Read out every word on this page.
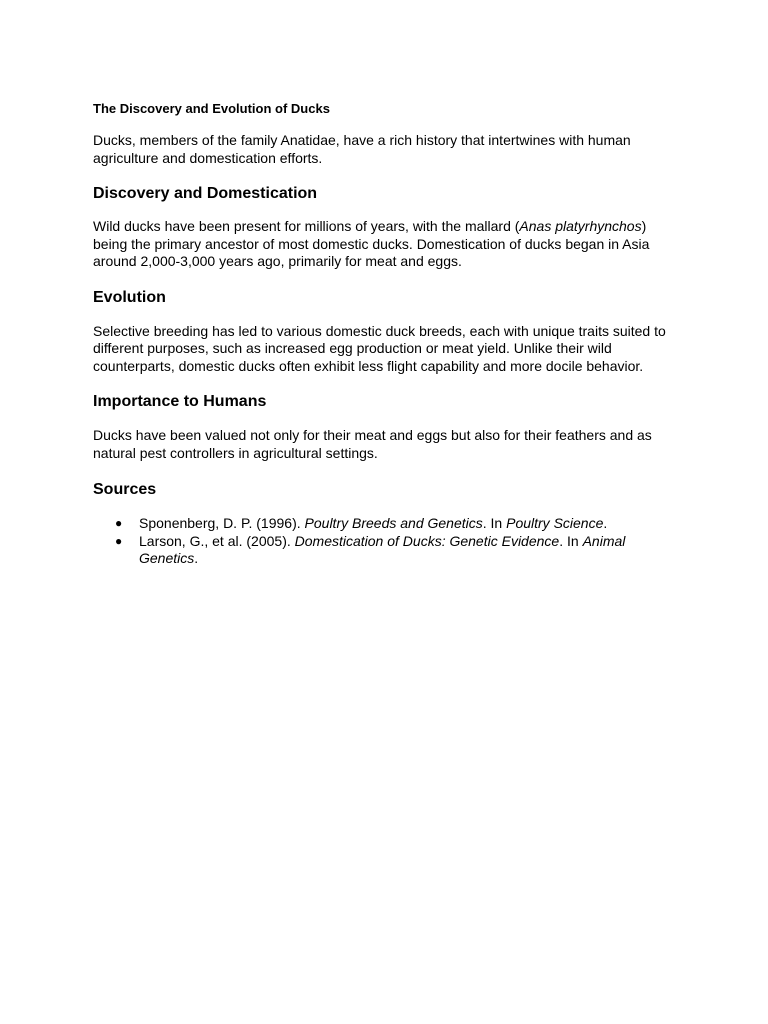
The Discovery and Evolution of Ducks

Ducks, members of the family Anatidae, have a rich history that intertwines with human agriculture and domestication efforts.

Discovery and Domestication

Wild ducks have been present for millions of years, with the mallard (Anas platyrhynchos) being the primary ancestor of most domestic ducks. Domestication of ducks began in Asia around 2,000-3,000 years ago, primarily for meat and eggs.

Evolution

Selective breeding has led to various domestic duck breeds, each with unique traits suited to different purposes, such as increased egg production or meat yield. Unlike their wild counterparts, domestic ducks often exhibit less flight capability and more docile behavior.

Importance to Humans

Ducks have been valued not only for their meat and eggs but also for their feathers and as natural pest controllers in agricultural settings.

Sources
● Sponenberg, D. P. (1996). Poultry Breeds and Genetics. In Poultry Science.
● Larson, G., et al. (2005). Domestication of Ducks: Genetic Evidence. In Animal Genetics.
